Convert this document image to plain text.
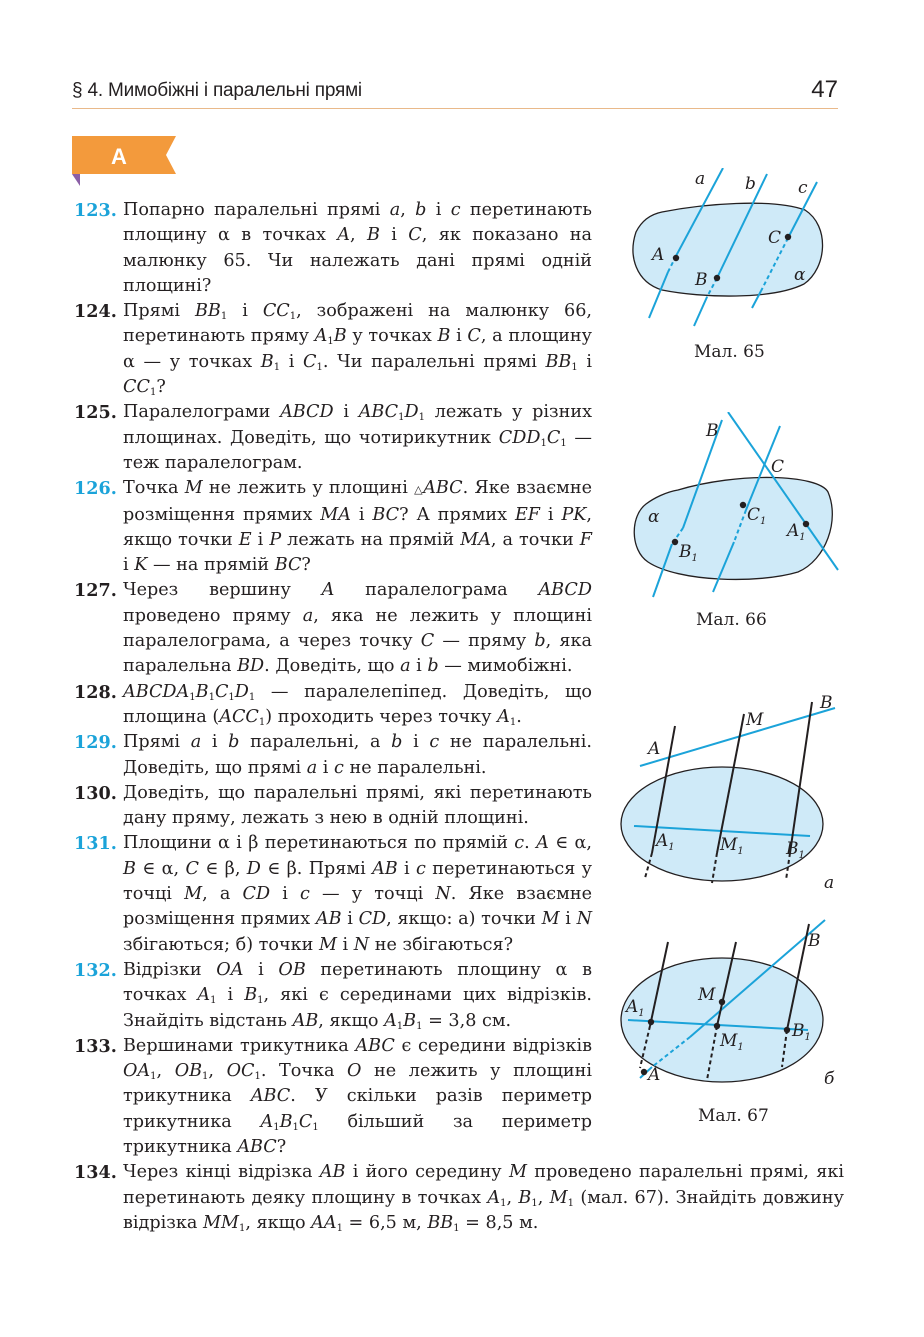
§ 4. Мимобіжні і паралельні прямі	47
А
123. Попарно паралельні прямі a, b і c перетинають площину α в точках A, B і C, як показано на малюнку 65. Чи належать дані прямі одній площині?
124. Прямі $BB_1$ і $CC_1$, зображені на малюнку 66, перетинають пряму $A_1B$ у точках B і C, а площину α — у точках $B_1$ і $C_1$. Чи паралельні прямі $BB_1$ і $CC_1$?
125. Паралелограми ABCD і $ABC_1D_1$ лежать у різних площинах. Доведіть, що чотирикутник $CDD_1C_1$ — теж паралелограм.
126. Точка M не лежить у площині △ABC. Яке взаємне розміщення прямих MA і BC? А прямих EF і PK, якщо точки E і P лежать на прямій MA, а точки F і K — на прямій BC?
127. Через вершину A паралелограма ABCD проведено пряму a, яка не лежить у площині паралелограма, а через точку C — пряму b, яка паралельна BD. Доведіть, що a і b — мимобіжні.
128. $ABCDA_1B_1C_1D_1$ — паралелепіпед. Доведіть, що площина $(ACC_1)$ проходить через точку $A_1$.
129. Прямі a і b паралельні, а b і c не паралельні. Доведіть, що прямі a і c не паралельні.
130. Доведіть, що паралельні прямі, які перетинають дану пряму, лежать з нею в одній площині.
131. Площини α і β перетинаються по прямій c. A ∈ α, B ∈ α, C ∈ β, D ∈ β. Прямі AB і c перетинаються у точці M, а CD і c — у точці N. Яке взаємне розміщення прямих AB і CD, якщо: а) точки M і N збігаються; б) точки M і N не збігаються?
132. Відрізки OA і OB перетинають площину α в точках $A_1$ і $B_1$, які є серединами цих відрізків. Знайдіть відстань AB, якщо $A_1B_1 = 3,8$ см.
133. Вершинами трикутника ABC є середини відрізків $OA_1$, $OB_1$, $OC_1$. Точка O не лежить у площині трикутника ABC. У скільки разів периметр трикутника $A_1B_1C_1$ більший за периметр трикутника ABC?
134. Через кінці відрізка AB і його середину M проведено паралельні прямі, які перетинають деяку площину в точках $A_1$, $B_1$, $M_1$ (мал. 67). Знайдіть довжину відрізка $MM_1$, якщо $AA_1 = 6,5$ м, $BB_1 = 8,5$ м.
a b c
A
B
C
α
Мал. 65
B
C
$C_1$ $A_1$
$B_1$
α
Мал. 66
A
M
B
$A_1$	$M_1$ $B_1$
а
A
M
B
$A_1$
$M_1$
$B_1$
б
Мал. 67
